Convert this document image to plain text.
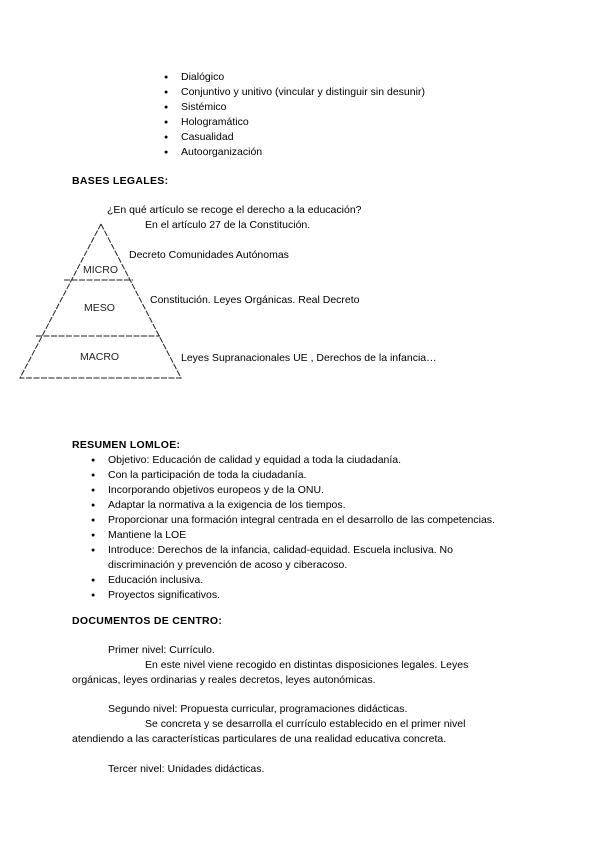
● Dialógico
● Conjuntivo y unitivo (vincular y distinguir sin desunir)
● Sistémico
● Hologramático
● Casualidad
● Autoorganización
BASES LEGALES:
¿En qué artículo se recoge el derecho a la educación?
En el artículo 27 de la Constitución.
MICRO
MESO
MACRO
Decreto Comunidades Autónomas
Constitución. Leyes Orgánicas. Real Decreto
Leyes Supranacionales UE , Derechos de la infancia…
RESUMEN LOMLOE:
● Objetivo: Educación de calidad y equidad a toda la ciudadanía.
● Con la participación de toda la ciudadanía.
● Incorporando objetivos europeos y de la ONU.
● Adaptar la normativa a la exigencia de los tiempos.
● Proporcionar una formación integral centrada en el desarrollo de las competencias.
● Mantiene la LOE
● Introduce: Derechos de la infancia, calidad-equidad. Escuela inclusiva. No
discriminación y prevención de acoso y ciberacoso.
● Educación inclusiva.
● Proyectos significativos.
DOCUMENTOS DE CENTRO:
Primer nivel: Currículo.
En este nivel viene recogido en distintas disposiciones legales. Leyes
orgánicas, leyes ordinarias y reales decretos, leyes autonómicas.
Segundo nivel: Propuesta curricular, programaciones didácticas.
Se concreta y se desarrolla el currículo establecido en el primer nivel
atendiendo a las características particulares de una realidad educativa concreta.
Tercer nivel: Unidades didácticas.
